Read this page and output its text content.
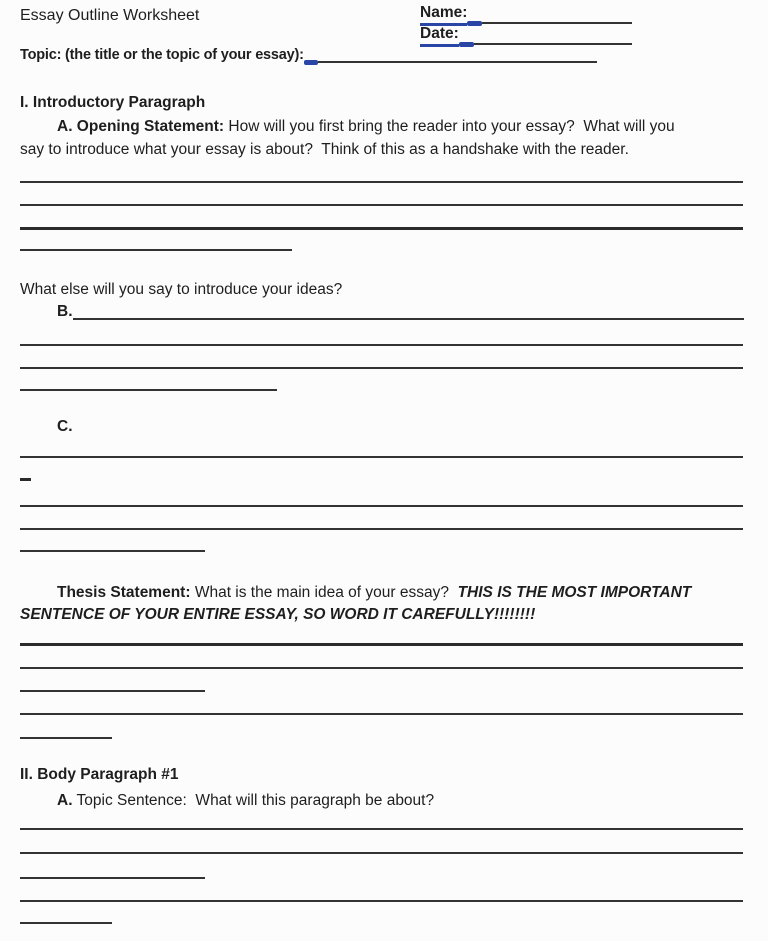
Essay Outline Worksheet	Name:
Date:
Topic: (the title or the topic of your essay):
I. Introductory Paragraph
A. Opening Statement: How will you first bring the reader into your essay?  What will you
say to introduce what your essay is about?  Think of this as a handshake with the reader.
What else will you say to introduce your ideas?
B.
C.
Thesis Statement: What is the main idea of your essay?  THIS IS THE MOST IMPORTANT
SENTENCE OF YOUR ENTIRE ESSAY, SO WORD IT CAREFULLY!!!!!!!!
II. Body Paragraph #1
A. Topic Sentence:  What will this paragraph be about?
